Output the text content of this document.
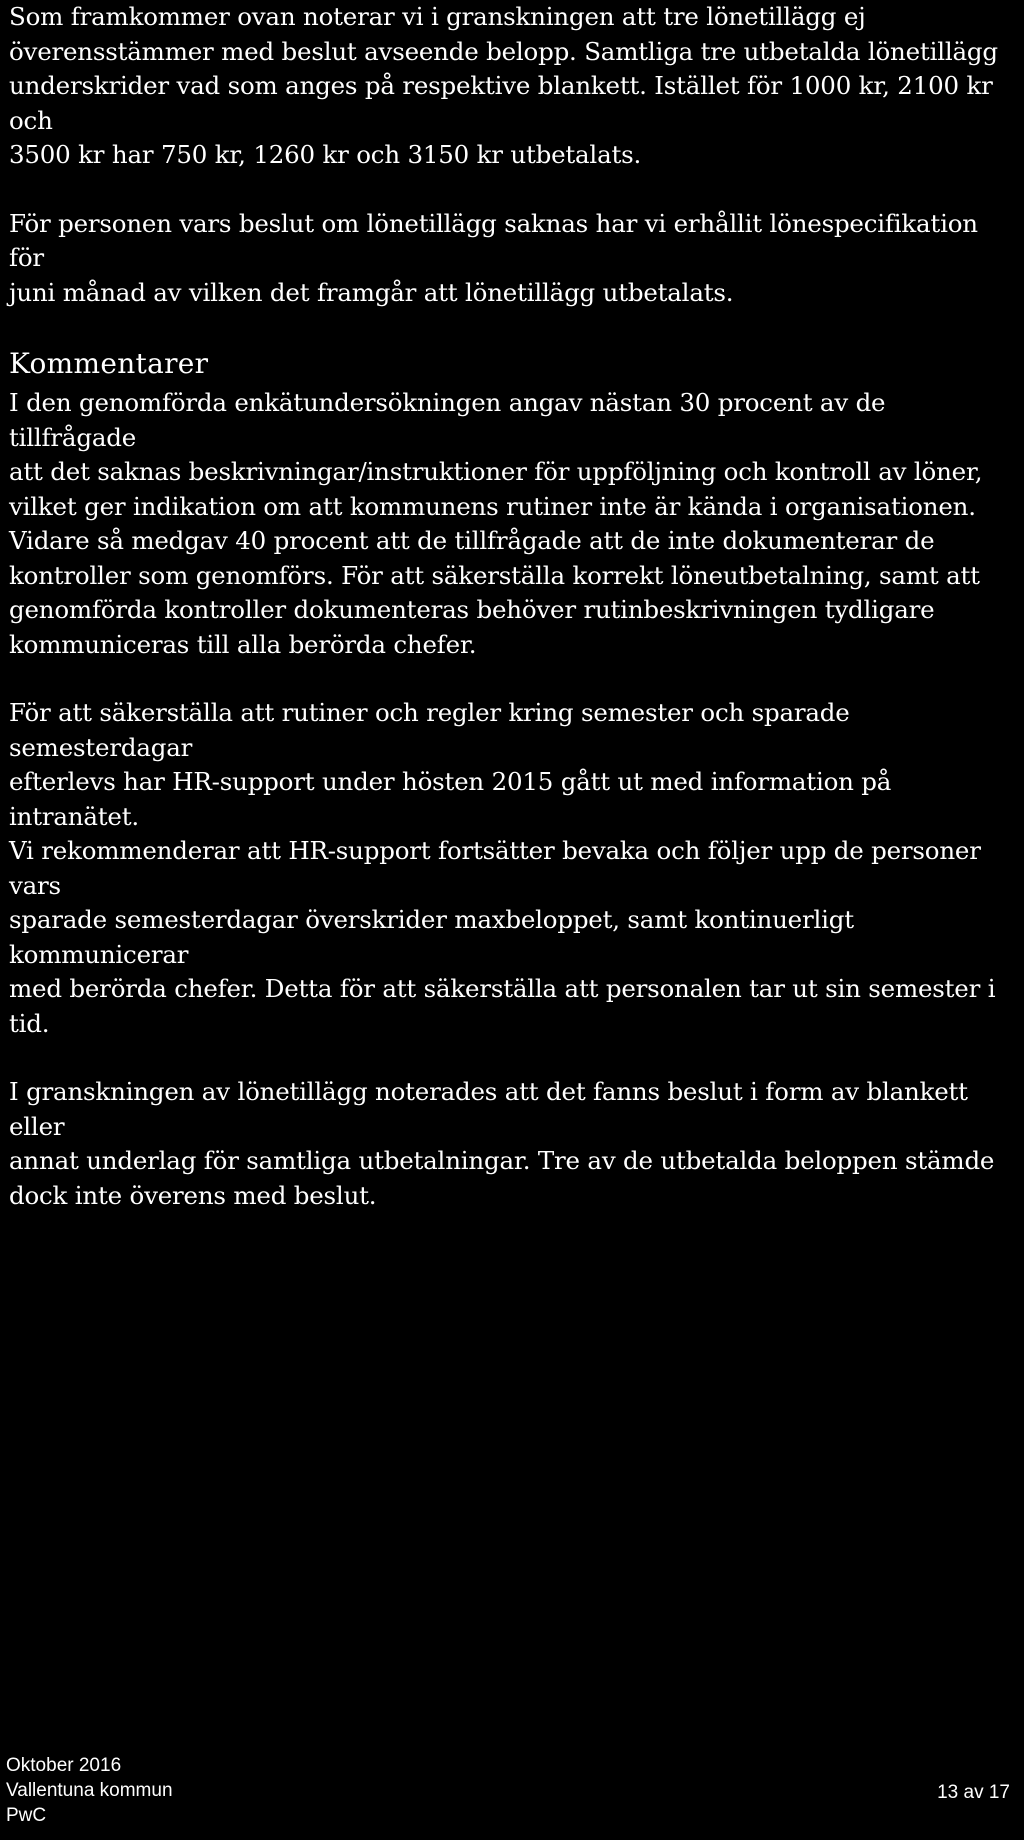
Som framkommer ovan noterar vi i granskningen att tre lönetillägg ej
överensstämmer med beslut avseende belopp. Samtliga tre utbetalda lönetillägg
underskrider vad som anges på respektive blankett. Istället för 1000 kr, 2100 kr och
3500 kr har 750 kr, 1260 kr och 3150 kr utbetalats.

För personen vars beslut om lönetillägg saknas har vi erhållit lönespecifikation för
juni månad av vilken det framgår att lönetillägg utbetalats.

Kommentarer

I den genomförda enkätundersökningen angav nästan 30 procent av de tillfrågade
att det saknas beskrivningar/instruktioner för uppföljning och kontroll av löner,
vilket ger indikation om att kommunens rutiner inte är kända i organisationen.
Vidare så medgav 40 procent att de tillfrågade att de inte dokumenterar de
kontroller som genomförs. För att säkerställa korrekt löneutbetalning, samt att
genomförda kontroller dokumenteras behöver rutinbeskrivningen tydligare
kommuniceras till alla berörda chefer.

För att säkerställa att rutiner och regler kring semester och sparade semesterdagar
efterlevs har HR-support under hösten 2015 gått ut med information på intranätet.
Vi rekommenderar att HR-support fortsätter bevaka och följer upp de personer vars
sparade semesterdagar överskrider maxbeloppet, samt kontinuerligt kommunicerar
med berörda chefer. Detta för att säkerställa att personalen tar ut sin semester i tid.

I granskningen av lönetillägg noterades att det fanns beslut i form av blankett eller
annat underlag för samtliga utbetalningar. Tre av de utbetalda beloppen stämde
dock inte överens med beslut.

Oktober 2016
Vallentuna kommun
PwC
13 av 17
